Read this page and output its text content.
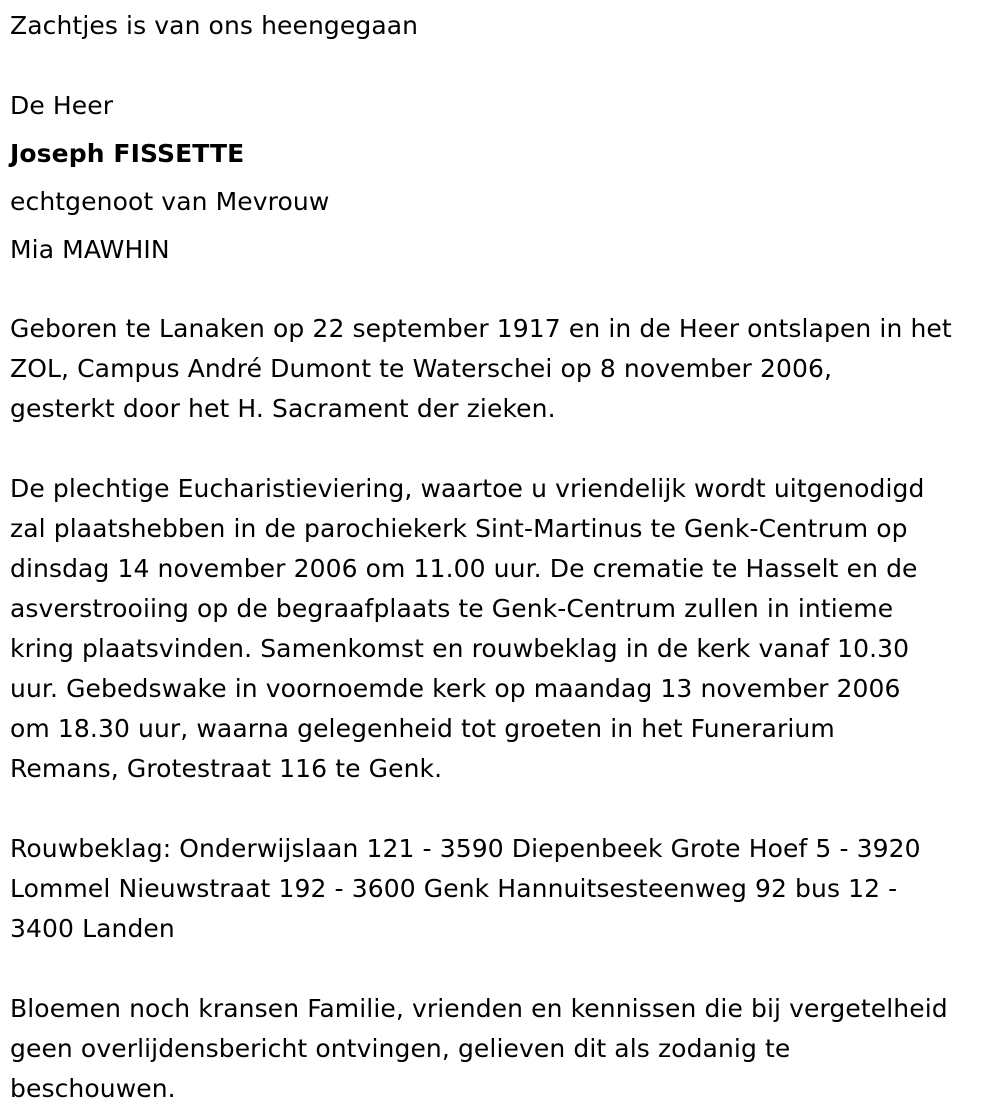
Zachtjes is van ons heengegaan

De Heer

Joseph FISSETTE

echtgenoot van Mevrouw

Mia MAWHIN

Geboren te Lanaken op 22 september 1917 en in de Heer ontslapen in het

ZOL, Campus André Dumont te Waterschei op 8 november 2006,

gesterkt door het H. Sacrament der zieken.

De plechtige Eucharistieviering, waartoe u vriendelijk wordt uitgenodigd

zal plaatshebben in de parochiekerk Sint-Martinus te Genk-Centrum op

dinsdag 14 november 2006 om 11.00 uur. De crematie te Hasselt en de

asverstrooiing op de begraafplaats te Genk-Centrum zullen in intieme

kring plaatsvinden. Samenkomst en rouwbeklag in de kerk vanaf 10.30

uur. Gebedswake in voornoemde kerk op maandag 13 november 2006

om 18.30 uur, waarna gelegenheid tot groeten in het Funerarium

Remans, Grotestraat 116 te Genk.

Rouwbeklag: Onderwijslaan 121 - 3590 Diepenbeek Grote Hoef 5 - 3920

Lommel Nieuwstraat 192 - 3600 Genk Hannuitsesteenweg 92 bus 12 -

3400 Landen

Bloemen noch kransen Familie, vrienden en kennissen die bij vergetelheid

geen overlijdensbericht ontvingen, gelieven dit als zodanig te

beschouwen.
